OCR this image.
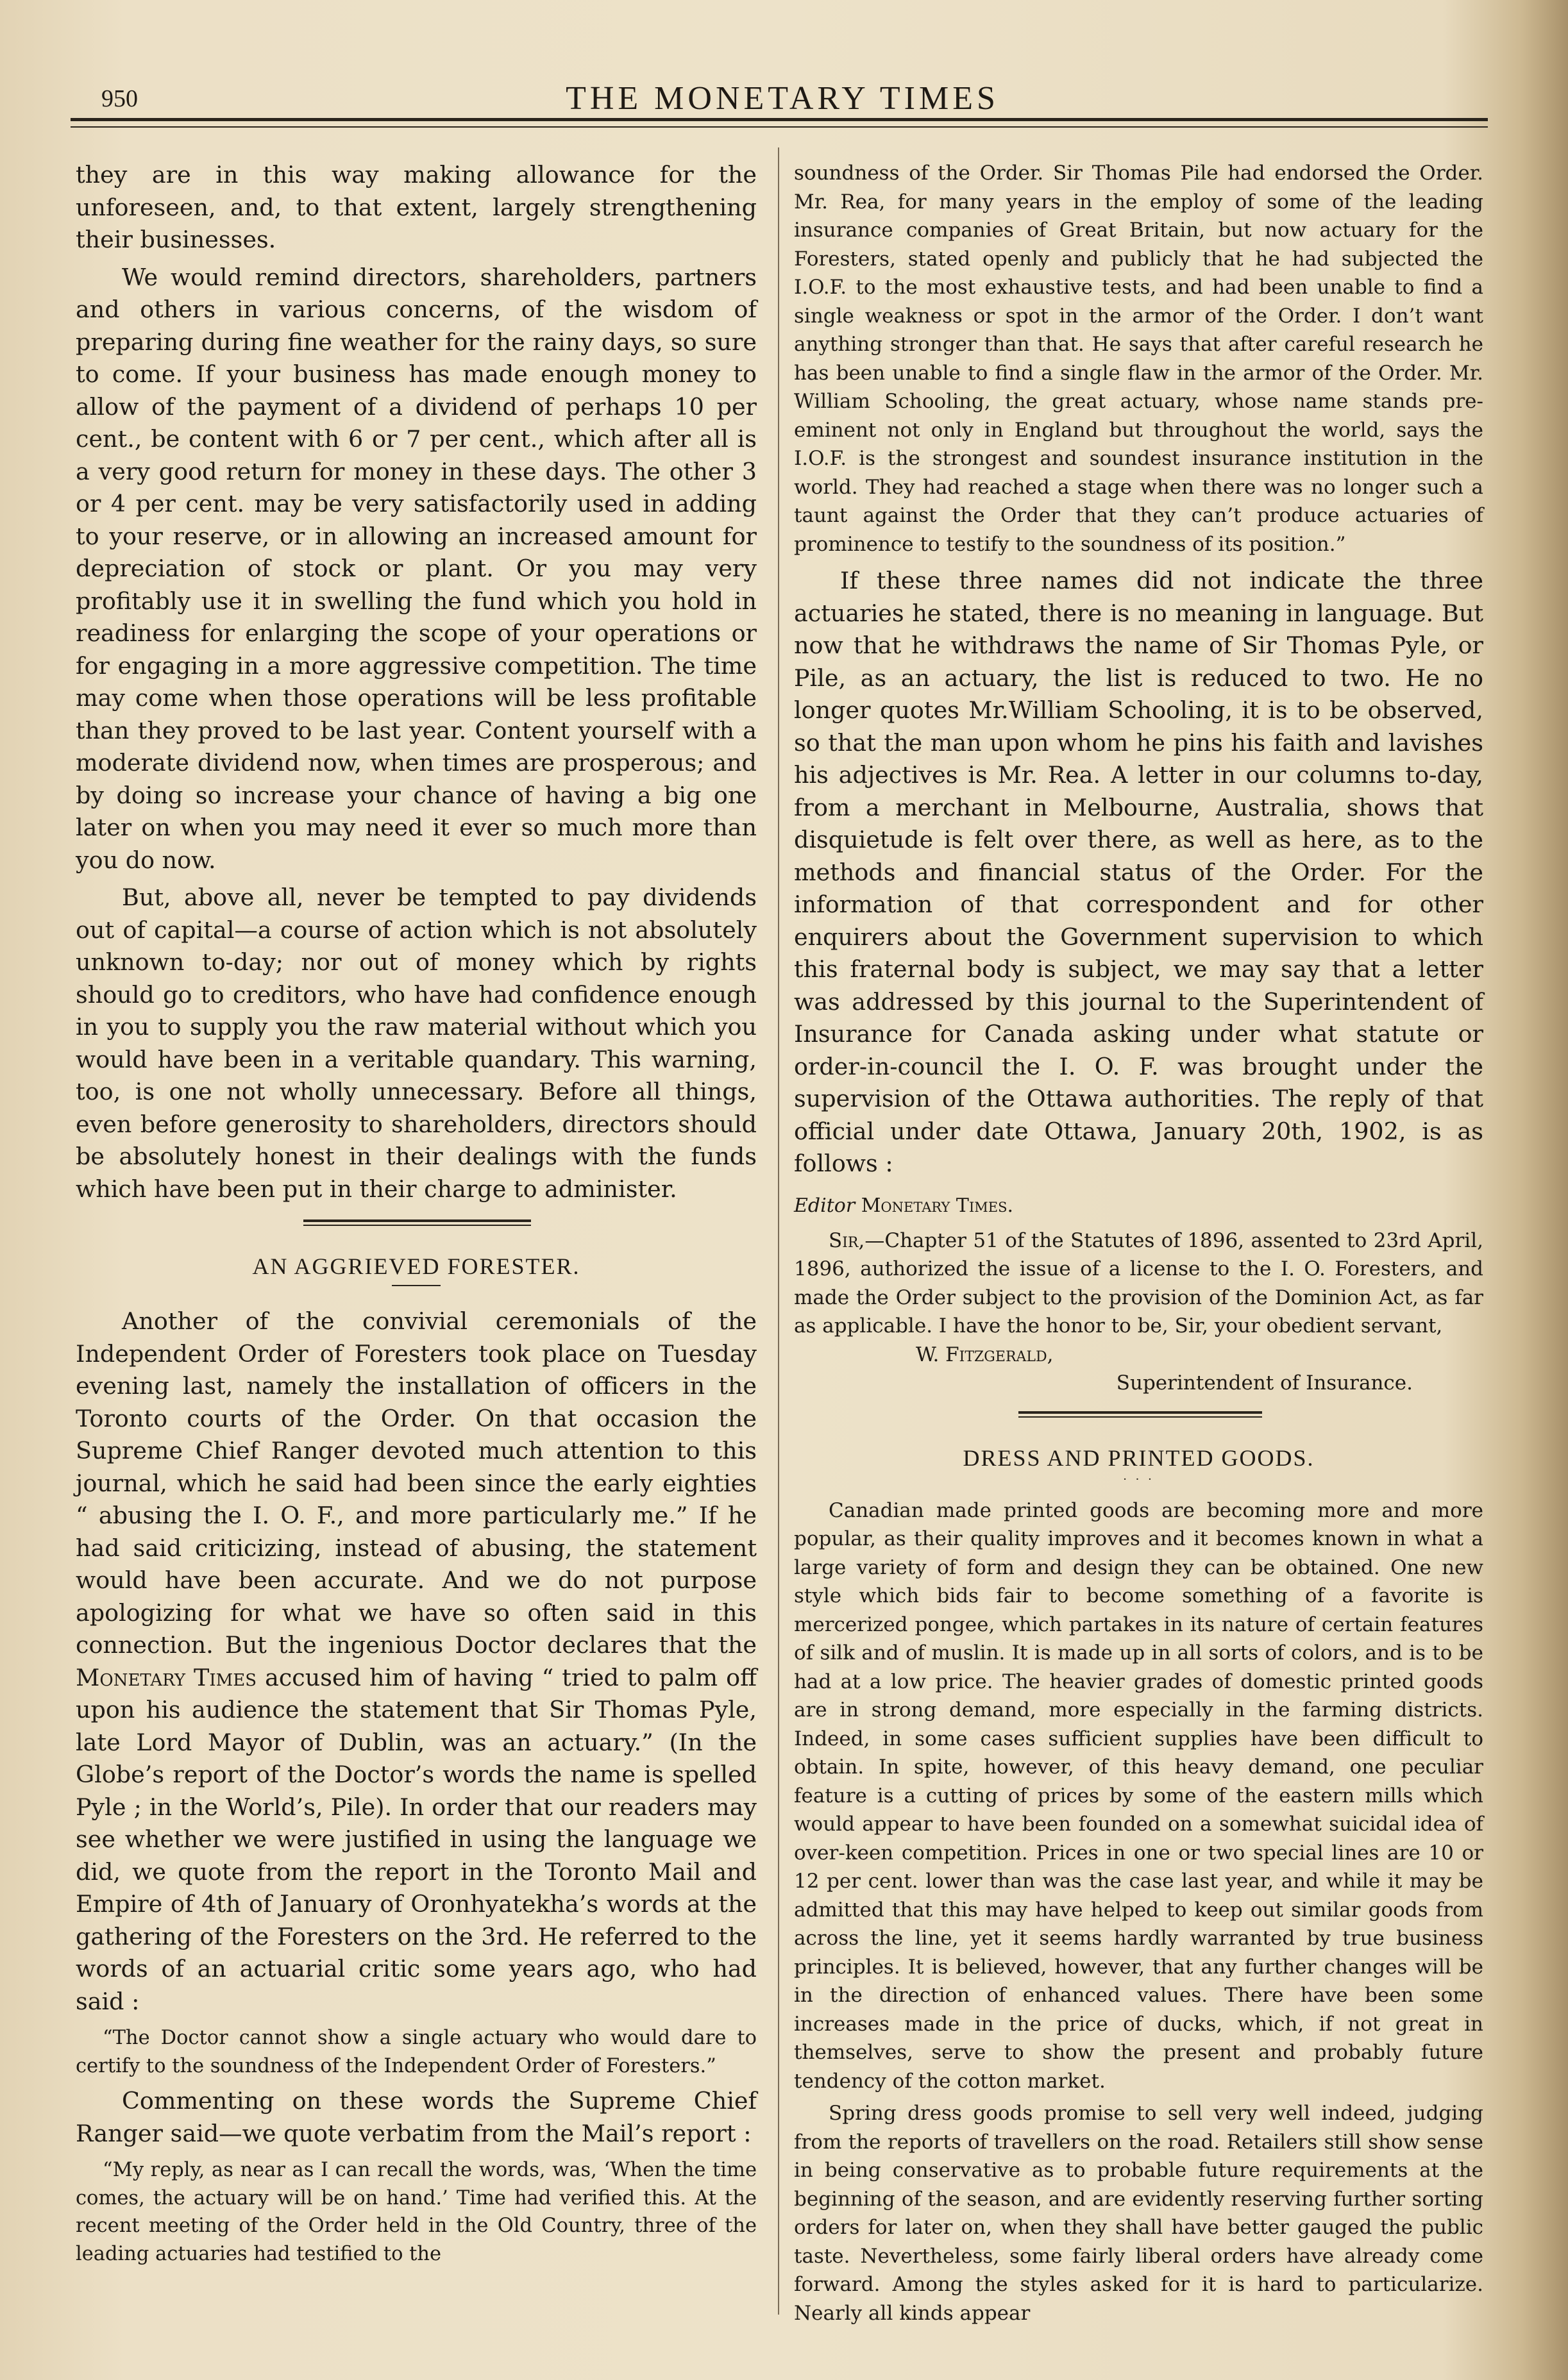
950	THE MONETARY TIMES

they are in this way making allowance for the unforeseen, and, to that extent, largely strengthening their businesses.

We would remind directors, shareholders, partners and others in various concerns, of the wisdom of preparing during fine weather for the rainy days, so sure to come. If your business has made enough money to allow of the payment of a dividend of perhaps 10 per cent., be content with 6 or 7 per cent., which after all is a very good return for money in these days. The other 3 or 4 per cent. may be very satisfactorily used in adding to your reserve, or in allowing an increased amount for depreciation of stock or plant. Or you may very profitably use it in swelling the fund which you hold in readiness for enlarging the scope of your operations or for engaging in a more aggressive competition. The time may come when those operations will be less profitable than they proved to be last year. Content yourself with a moderate dividend now, when times are prosperous; and by doing so increase your chance of having a big one later on when you may need it ever so much more than you do now.

But, above all, never be tempted to pay dividends out of capital—a course of action which is not absolutely unknown to-day; nor out of money which by rights should go to creditors, who have had confidence enough in you to supply you the raw material without which you would have been in a veritable quandary. This warning, too, is one not wholly unnecessary. Before all things, even before generosity to shareholders, directors should be absolutely honest in their dealings with the funds which have been put in their charge to administer.

AN AGGRIEVED FORESTER.

Another of the convivial ceremonials of the Independent Order of Foresters took place on Tuesday evening last, namely the installation of officers in the Toronto courts of the Order. On that occasion the Supreme Chief Ranger devoted much attention to this journal, which he said had been since the early eighties “ abusing the I. O. F., and more particularly me.” If he had said criticizing, instead of abusing, the statement would have been accurate. And we do not purpose apologizing for what we have so often said in this connection. But the ingenious Doctor declares that the Monetary Times accused him of having “ tried to palm off upon his audience the statement that Sir Thomas Pyle, late Lord Mayor of Dublin, was an actuary.” (In the Globe’s report of the Doctor’s words the name is spelled Pyle ; in the World’s, Pile). In order that our readers may see whether we were justified in using the language we did, we quote from the report in the Toronto Mail and Empire of 4th of January of Oronhyatekha’s words at the gathering of the Foresters on the 3rd. He referred to the words of an actuarial critic some years ago, who had said :

“The Doctor cannot show a single actuary who would dare to certify to the soundness of the Independent Order of Foresters.”

Commenting on these words the Supreme Chief Ranger said—we quote verbatim from the Mail’s report :

“My reply, as near as I can recall the words, was, ‘When the time comes, the actuary will be on hand.’ Time had verified this. At the recent meeting of the Order held in the Old Country, three of the leading actuaries had testified to the

soundness of the Order. Sir Thomas Pile had endorsed the Order. Mr. Rea, for many years in the employ of some of the leading insurance companies of Great Britain, but now actuary for the Foresters, stated openly and publicly that he had subjected the I.O.F. to the most exhaustive tests, and had been unable to find a single weakness or spot in the armor of the Order. I don’t want anything stronger than that. He says that after careful research he has been unable to find a single flaw in the armor of the Order. Mr. William Schooling, the great actuary, whose name stands pre-eminent not only in England but throughout the world, says the I.O.F. is the strongest and soundest insurance institution in the world. They had reached a stage when there was no longer such a taunt against the Order that they can’t produce actuaries of prominence to testify to the soundness of its position.”

If these three names did not indicate the three actuaries he stated, there is no meaning in language. But now that he withdraws the name of Sir Thomas Pyle, or Pile, as an actuary, the list is reduced to two. He no longer quotes Mr.William Schooling, it is to be observed, so that the man upon whom he pins his faith and lavishes his adjectives is Mr. Rea. A letter in our columns to-day, from a merchant in Melbourne, Australia, shows that disquietude is felt over there, as well as here, as to the methods and financial status of the Order. For the information of that correspondent and for other enquirers about the Government supervision to which this fraternal body is subject, we may say that a letter was addressed by this journal to the Superintendent of Insurance for Canada asking under what statute or order-in-council the I. O. F. was brought under the supervision of the Ottawa authorities. The reply of that official under date Ottawa, January 20th, 1902, is as follows :

Editor Monetary Times.

Sir,—Chapter 51 of the Statutes of 1896, assented to 23rd April, 1896, authorized the issue of a license to the I. O. Foresters, and made the Order subject to the provision of the Dominion Act, as far as applicable. I have the honor to be, Sir, your obedient servant,

W. Fitzgerald,
Superintendent of Insurance.
DRESS AND PRINTED GOODS.
· · ·

Canadian made printed goods are becoming more and more popular, as their quality improves and it becomes known in what a large variety of form and design they can be obtained. One new style which bids fair to become something of a favorite is mercerized pongee, which partakes in its nature of certain features of silk and of muslin. It is made up in all sorts of colors, and is to be had at a low price. The heavier grades of domestic printed goods are in strong demand, more especially in the farming districts. Indeed, in some cases sufficient supplies have been difficult to obtain. In spite, however, of this heavy demand, one peculiar feature is a cutting of prices by some of the eastern mills which would appear to have been founded on a somewhat suicidal idea of over-keen competition. Prices in one or two special lines are 10 or 12 per cent. lower than was the case last year, and while it may be admitted that this may have helped to keep out similar goods from across the line, yet it seems hardly warranted by true business principles. It is believed, however, that any further changes will be in the direction of enhanced values. There have been some increases made in the price of ducks, which, if not great in themselves, serve to show the present and probably future tendency of the cotton market.

Spring dress goods promise to sell very well indeed, judging from the reports of travellers on the road. Retailers still show sense in being conservative as to probable future requirements at the beginning of the season, and are evidently reserving further sorting orders for later on, when they shall have better gauged the public taste. Nevertheless, some fairly liberal orders have already come forward. Among the styles asked for it is hard to particularize. Nearly all kinds appear
